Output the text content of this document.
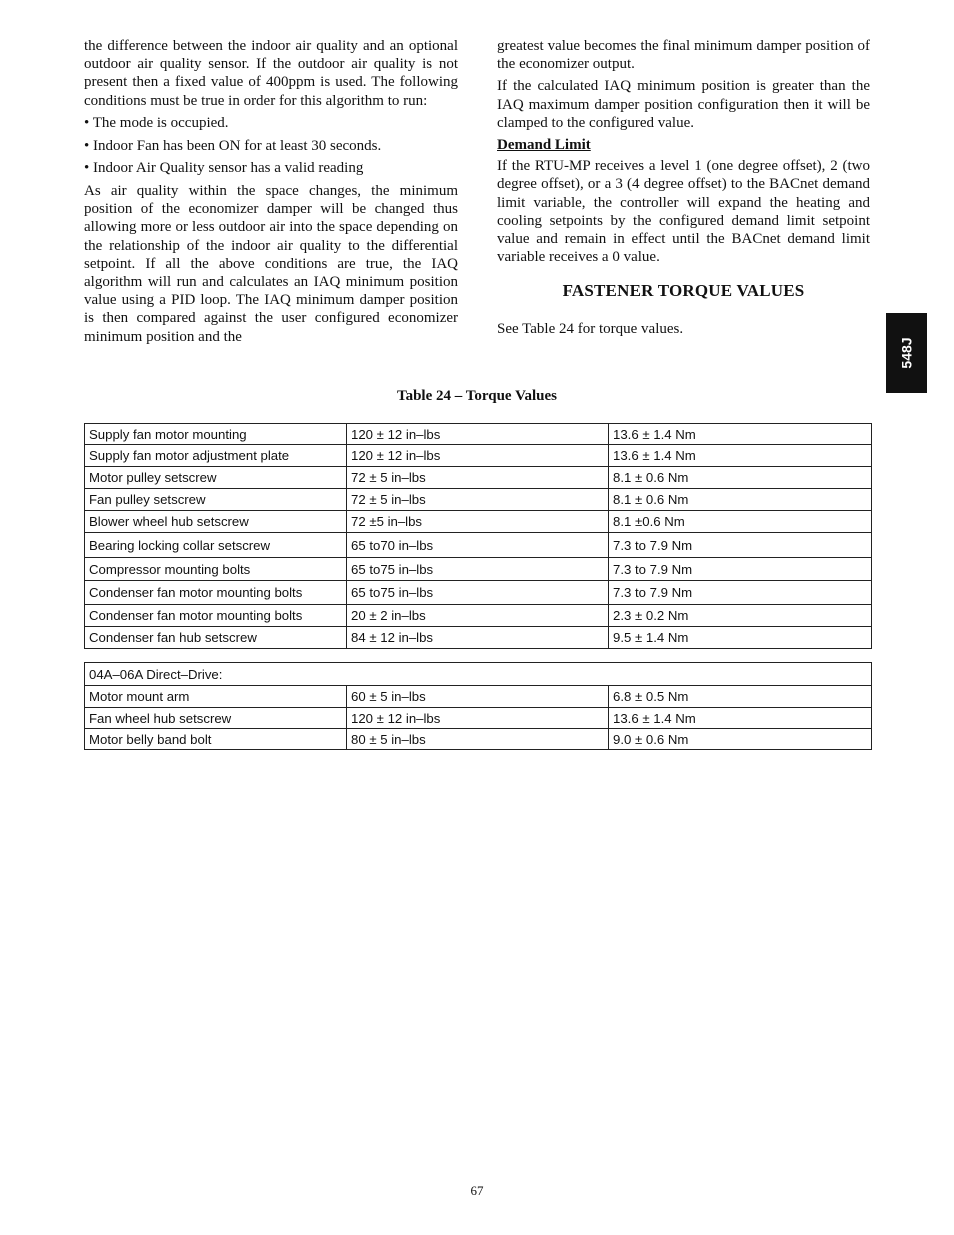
the difference between the indoor air quality and an optional outdoor air quality sensor. If the outdoor air quality is not present then a fixed value of 400ppm is used. The following conditions must be true in order for this algorithm to run:

• The mode is occupied.
• Indoor Fan has been ON for at least 30 seconds.
• Indoor Air Quality sensor has a valid reading

As air quality within the space changes, the minimum position of the economizer damper will be changed thus allowing more or less outdoor air into the space depending on the relationship of the indoor air quality to the differential setpoint. If all the above conditions are true, the IAQ algorithm will run and calculates an IAQ minimum position value using a PID loop. The IAQ minimum damper position is then compared against the user configured economizer minimum position and the

greatest value becomes the final minimum damper position of the economizer output.

If the calculated IAQ minimum position is greater than the IAQ maximum damper position configuration then it will be clamped to the configured value.

Demand Limit

If the RTU-MP receives a level 1 (one degree offset), 2 (two degree offset), or a 3 (4 degree offset) to the BACnet demand limit variable, the controller will expand the heating and cooling setpoints by the configured demand limit setpoint value and remain in effect until the BACnet demand limit variable receives a 0 value.

FASTENER TORQUE VALUES

See Table 24 for torque values.

548J
Table 24 – Torque Values
Supply fan motor mounting	120 ± 12 in–lbs	13.6 ± 1.4 Nm
Supply fan motor adjustment plate	120 ± 12 in–lbs	13.6 ± 1.4 Nm
Motor pulley setscrew	72 ± 5 in–lbs	8.1 ± 0.6 Nm
Fan pulley setscrew	72 ± 5 in–lbs	8.1 ± 0.6 Nm
Blower wheel hub setscrew	72 ±5 in–lbs	8.1 ±0.6 Nm
Bearing locking collar setscrew	65 to70 in–lbs	7.3 to 7.9 Nm
Compressor mounting bolts	65 to75 in–lbs	7.3 to 7.9 Nm
Condenser fan motor mounting bolts	65 to75 in–lbs	7.3 to 7.9 Nm
Condenser fan motor mounting bolts	20 ± 2 in–lbs	2.3 ± 0.2 Nm
Condenser fan hub setscrew	84 ± 12 in–lbs	9.5 ± 1.4 Nm
04A–06A Direct–Drive:		
Motor mount arm	60 ± 5 in–lbs	6.8 ± 0.5 Nm
Fan wheel hub setscrew	120 ± 12 in–lbs	13.6 ± 1.4 Nm
Motor belly band bolt	80 ± 5 in–lbs	9.0 ± 0.6 Nm
67
